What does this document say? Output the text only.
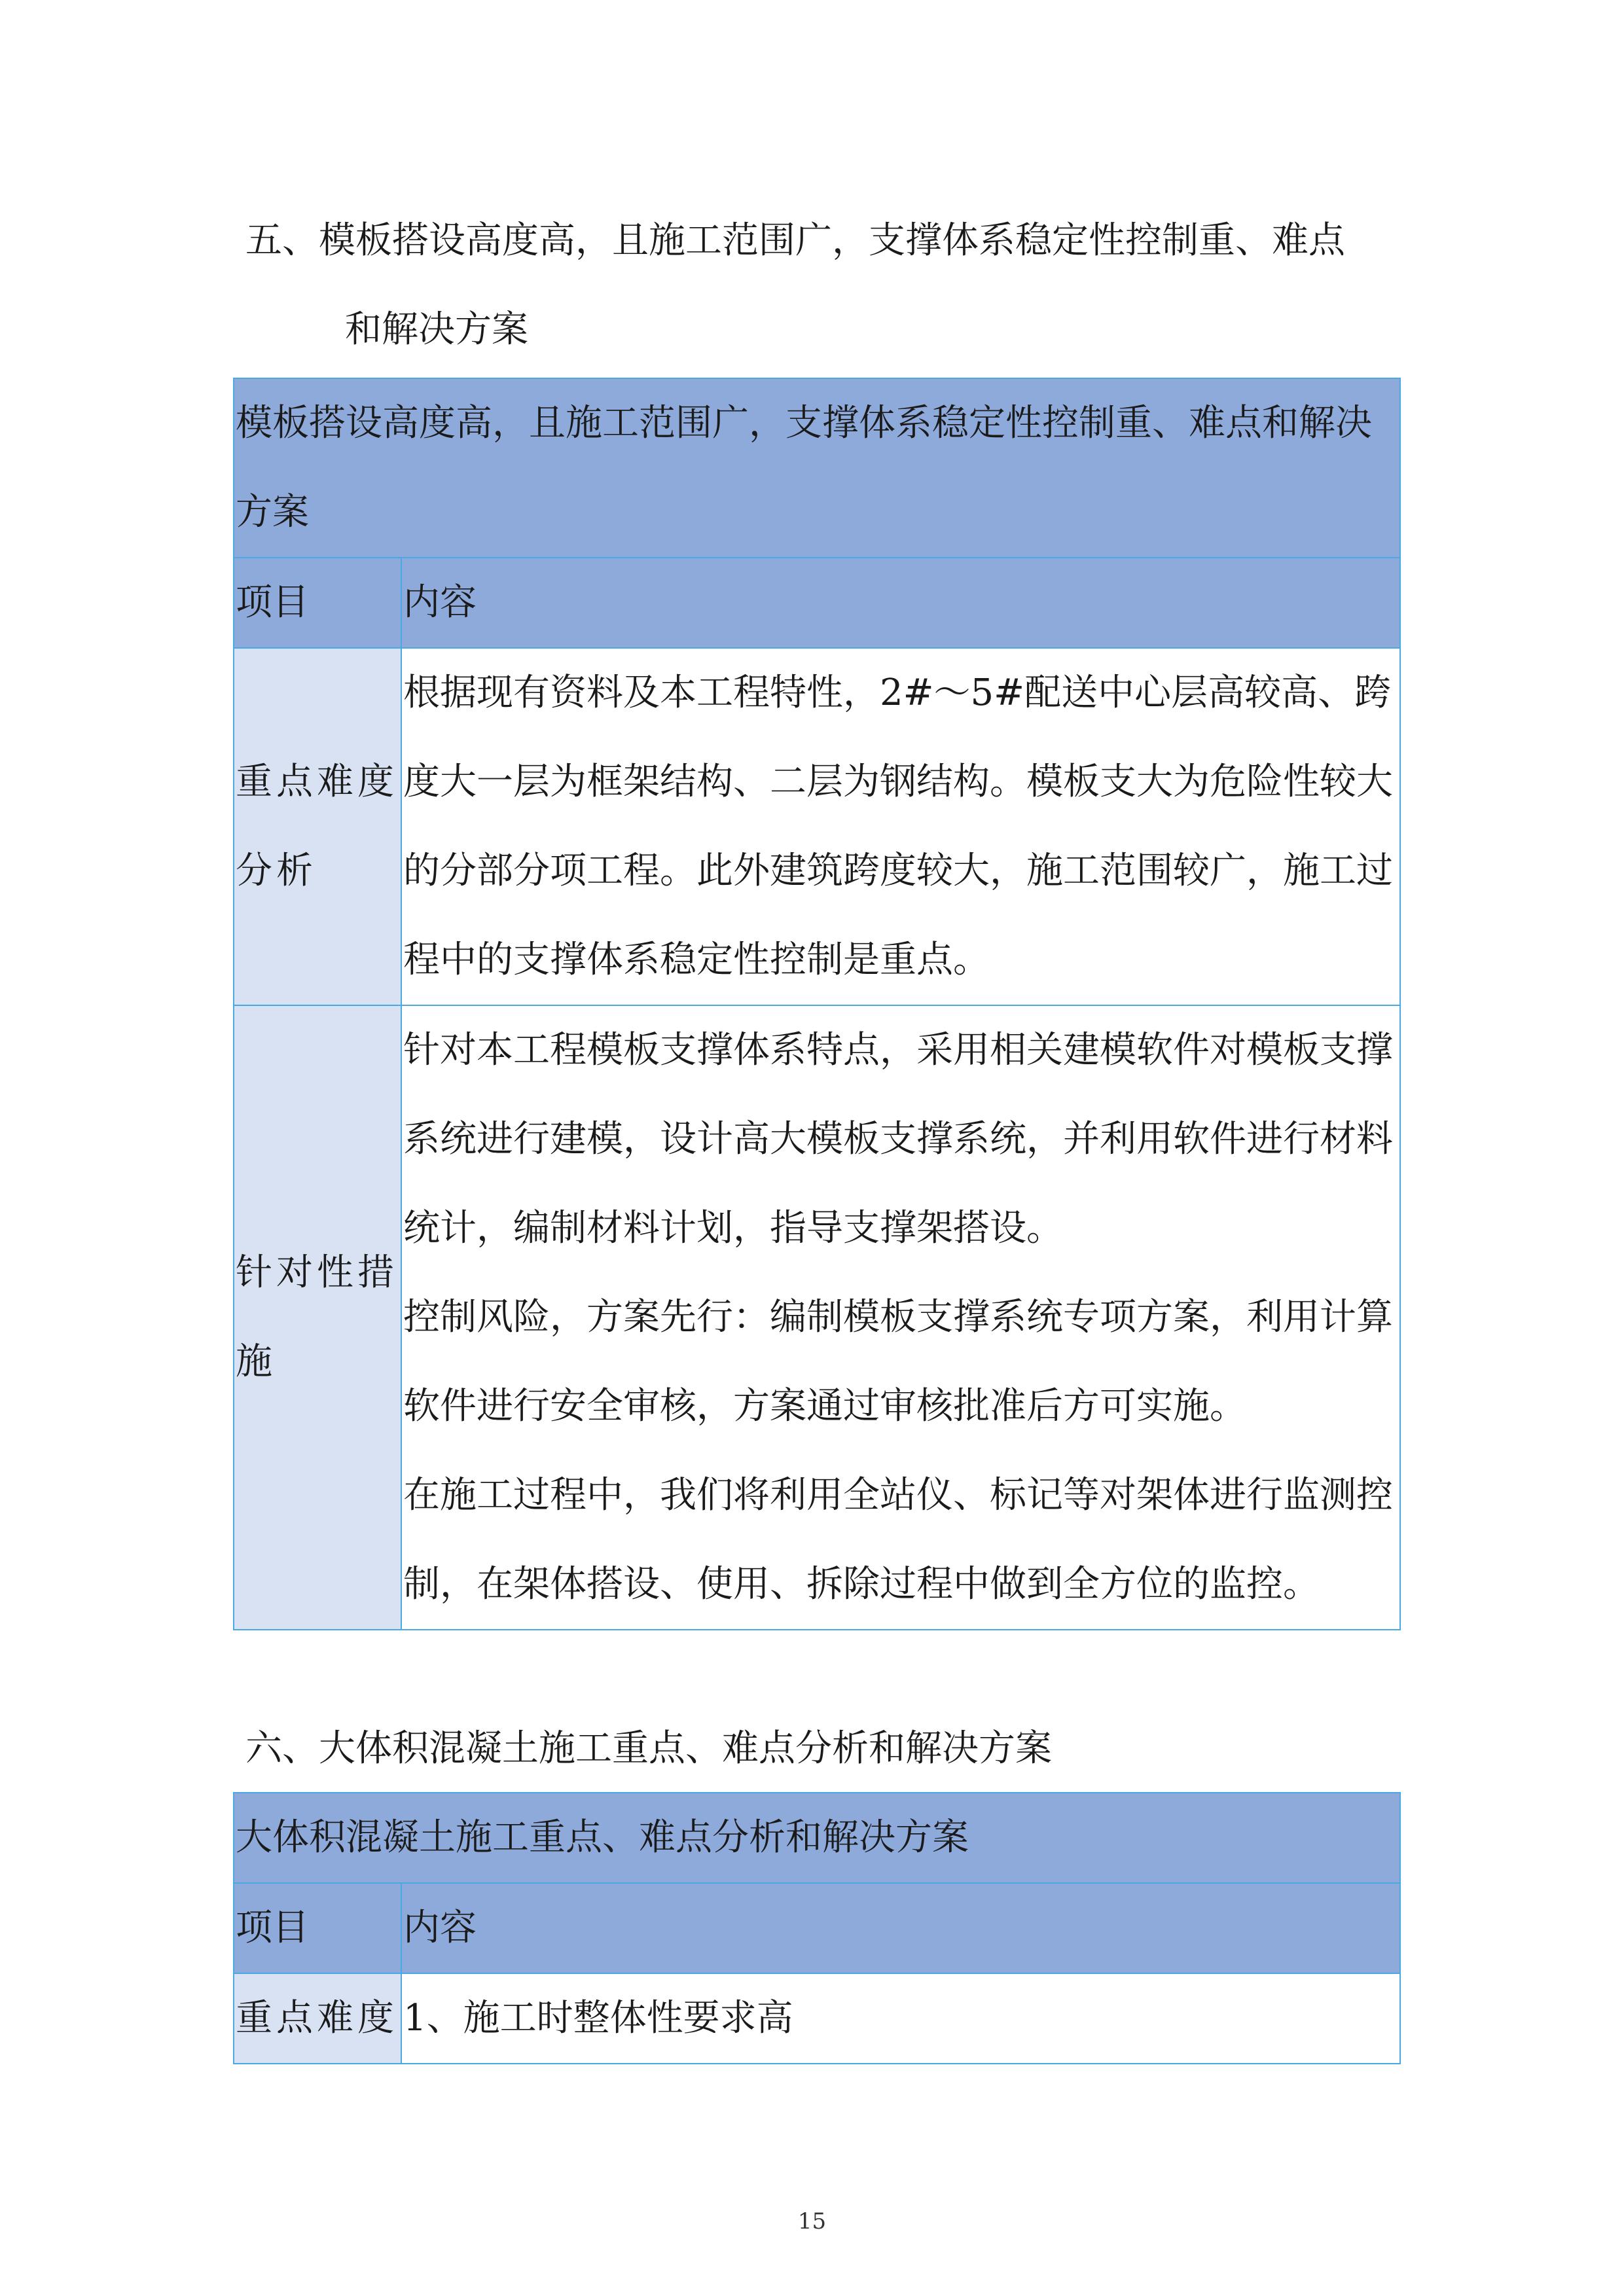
五、模板搭设高度高，且施工范围广，支撑体系稳定性控制重、难点
和解决方案
模板搭设高度高，且施工范围广，支撑体系稳定性控制重、难点和解决方案	
项目	内容
重点难度分析	根据现有资料及本工程特性，2#～5#配送中心层高较高、跨度大一层为框架结构、二层为钢结构。模板支大为危险性较大的分部分项工程。此外建筑跨度较大，施工范围较广，施工过程中的支撑体系稳定性控制是重点。
针对性措施	针对本工程模板支撑体系特点，采用相关建模软件对模板支撑系统进行建模，设计高大模板支撑系统，并利用软件进行材料统计，编制材料计划，指导支撑架搭设。

控制风险，方案先行：编制模板支撑系统专项方案，利用计算软件进行安全审核，方案通过审核批准后方可实施。

在施工过程中，我们将利用全站仪、标记等对架体进行监测控制，在架体搭设、使用、拆除过程中做到全方位的监控。

六、大体积混凝土施工重点、难点分析和解决方案
大体积混凝土施工重点、难点分析和解决方案	
项目	内容
重点难度	1、施工时整体性要求高
15
